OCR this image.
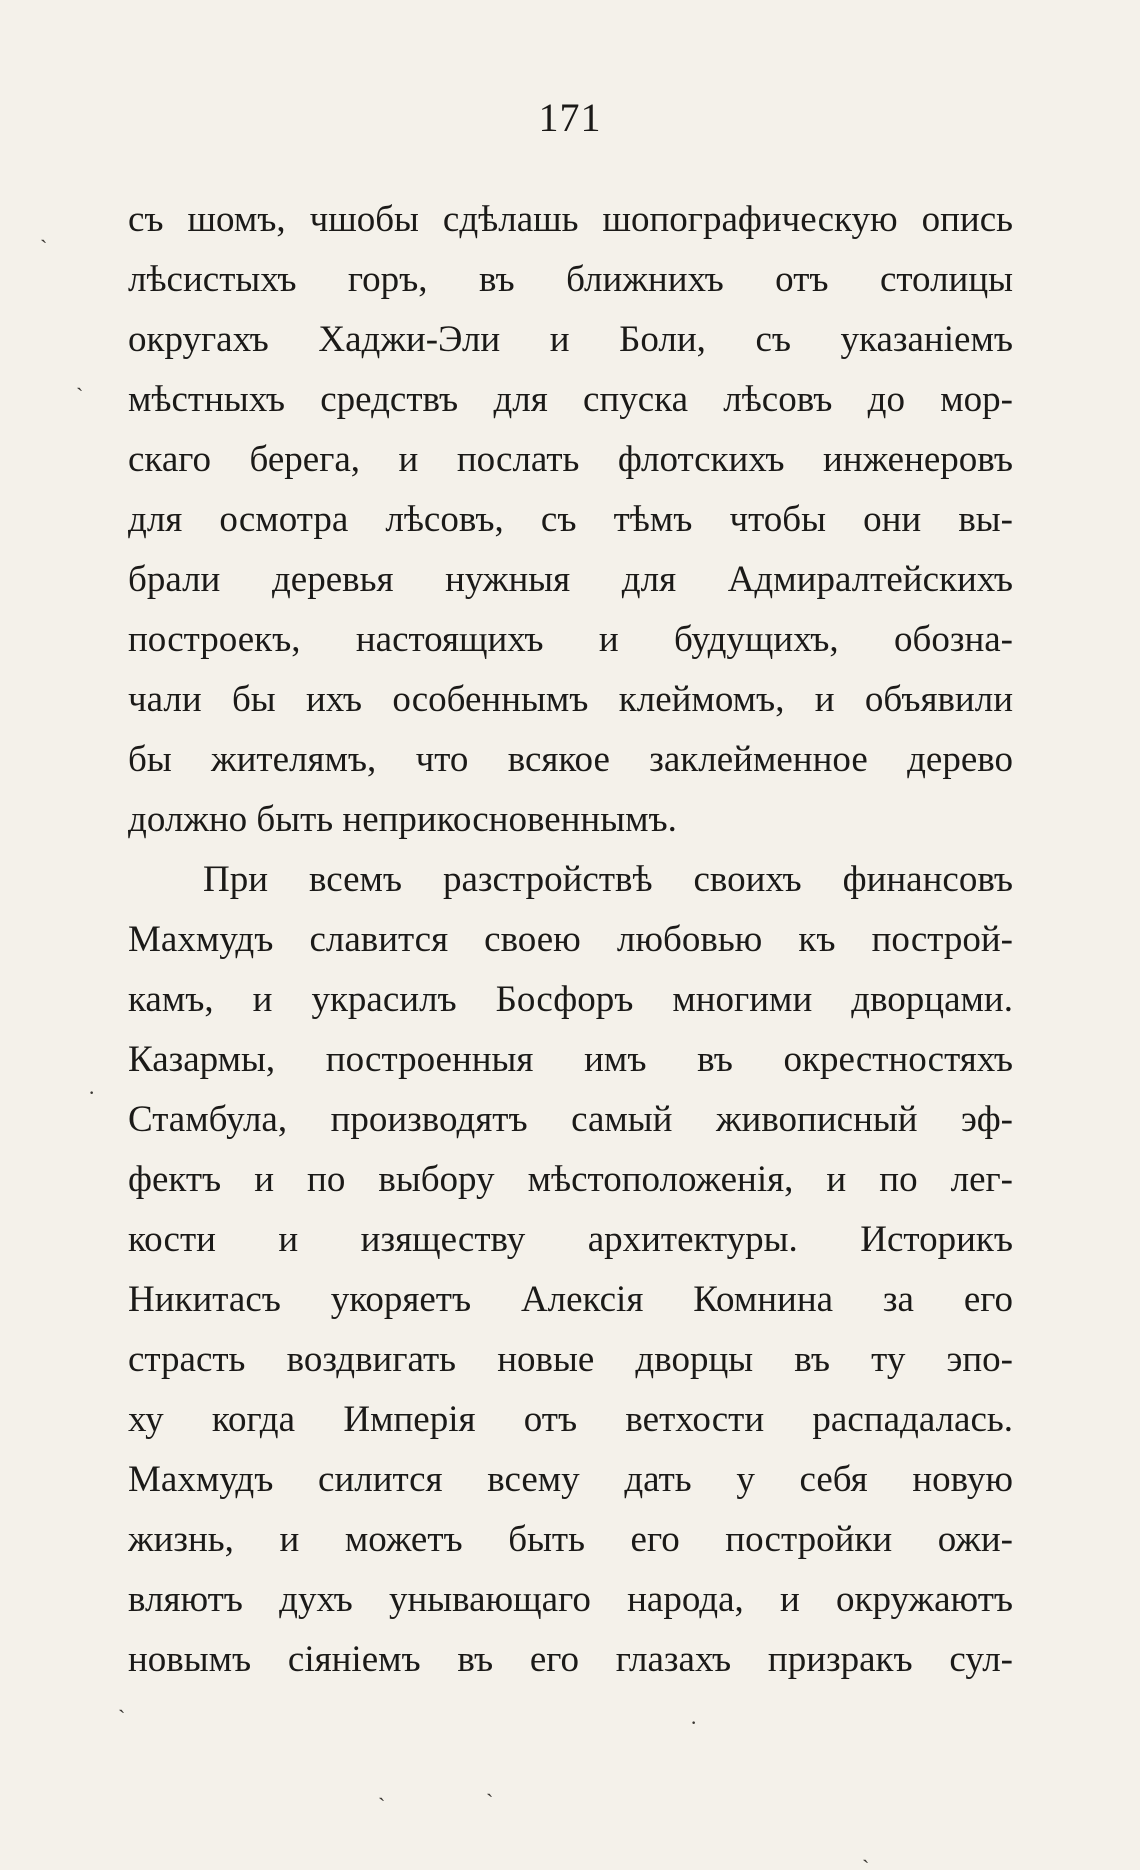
171
съ шомъ, чшобы сдѣлашь шопографическую опись
лѣсистыхъ горъ, въ ближнихъ отъ столицы
округахъ Хаджи-Эли и Боли, съ указаніемъ
мѣстныхъ средствъ для спуска лѣсовъ до мор-
скаго берега, и послать флотскихъ инженеровъ
для осмотра лѣсовъ, съ тѣмъ чтобы они вы-
брали деревья нужныя для Адмиралтейскихъ
построекъ, настоящихъ и будущихъ, обозна-
чали бы ихъ особеннымъ клеймомъ, и объявили
бы жителямъ, что всякое заклейменное дерево
должно быть неприкосновеннымъ.
При всемъ разстройствѣ своихъ финансовъ
Махмудъ славится своею любовью къ построй-
камъ, и украсилъ Босфоръ многими дворцами.
Казармы, построенныя имъ въ окрестностяхъ
Стамбула, производятъ самый живописный эф-
фектъ и по выбору мѣстоположенія, и по лег-
кости и изяществу архитектуры. Историкъ
Никитасъ укоряетъ Алексія Комнина за его
страсть воздвигать новые дворцы въ ту эпо-
ху когда Имперія отъ ветхости распадалась.
Махмудъ силится всему дать у себя новую
жизнь, и можетъ быть его постройки ожи-
вляютъ духъ унывающаго народа, и окружаютъ
новымъ сіяніемъ въ его глазахъ призракъ сул-
ˎ
ˎ
·
ˎ
·
ˎ	ˏ
ˎ
